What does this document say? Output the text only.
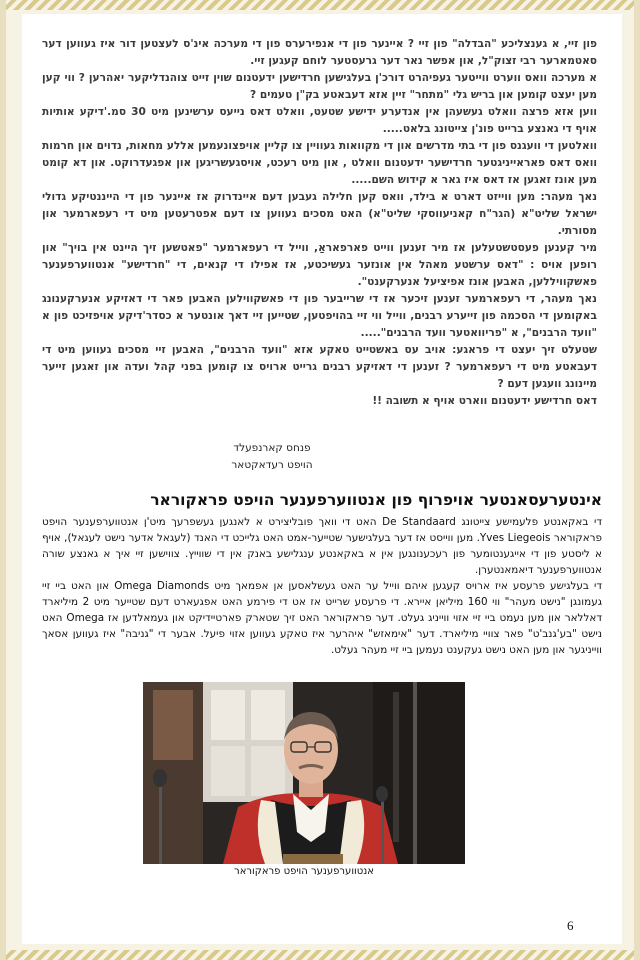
פון זיי, א גענצליכע "הבדלה" פון זיי ? איינער פון די אנפירערס פון די מערכה אינ'ס לעצטען דור איז געווען דער סאטמארער רבי זצוק"ל, און אפשר נאר דער גרעסטער לוחם קעגען זיי.

א מערכה וואס ווערט ווייטער געפיהרט דורכ'ן בעלגישען חרדישען ידעטנום שוין זייט צוהנדליקער יאהרען ? ווי קען מען יעצט קומען און בריש גלי "מתחר" זיין אזא דעבאטע בק"ן טעמים ?

ווען אזא פרצה וואלט געשעהן אין אנדערע ידישע שטעט, וואלט דאס נייעס ערשינען מיט 30 סמ.'דיקע אותיות אויף די גאנצע ברייט פונ'ן צייטונג בלאט.....

וואלטען די וועגנס פון די בתי מדרשים און די מקוואות געוויין צו קליין אויפצונעמען אללע מחאות, נדוים און חרמות וואס דאס פאראייניגטער חרדישער ידעטנום וואלט , און מיט רעכט, אויסגעשריגען און אפגעדרוקט. און דא קומט מען אונז זאגען אז דאס איז גאר א קידוש השם.....

נאך מעהר: מען ווייזט דארט א בילד, וואס קען חלילה געבען דעם איינדרוק אז איינער פון די הייננטיקע גדולי ישראל שליט"א (הגר"ח קאניעווסקי שליט"א) האט מסכים געווען צו דעם אפטרעטען מיט די רעפארמער און מסורתי.

מיר קענען פעסטשטעלען אז מיר זענען ווייט פארפאראַ, ווייל די רעפארמער "פאטשען זיך היינט אין בויך" און רופען אויס : "דאס ערשטע מאהל אין אונזער געשיכטע, אז אפילו די קנאים, די "חרדישע" אנטווערפענער פאשקוויללען, האבען אונז אפיציעל אנערקענט".

נאך מעהר, די רעפארמער זענען זיכער אז די שרייבער פון די פאשקווילען האבען פאר די דאזיקע אנערקענונג באקומען די הסכמה פון זייערע רבנים, ווייל ווי זיי בהויפטען, שטייען זיי דאך אונטער א כסדר'דיקע אויפזיכט פון א "וועד הרבנים", א "פריוואטער וועד הרבנים".....

שטעלט זיך יעצט די פראגע: אויב עס באשטייט טאקע אזא "וועד הרבנים", האבען זיי מסכים געווען מיט די דעבאטע מיט די רעפארמער ? זענען די דאזיקע רבנים גרייט ארויס צו קומען בפני קהל ועדה און זאגען זייער מיינונג וועגען דעם ?

דאס חרדישע ידעטנום ווארט אויף א תשובה !!

פנחס קארנפעלד
הויפט רעדאקטאר
אינטערעסאנטער אויפרוף פון אנטווערפענער הויפט פראקוראר

די באקאנטע פלעמישע צייטונג De Standaard האט די וואך פובליצירט א לאנגען געשפרעך מיט'ן אנטווערפענער הויפט פראקוראר Yves Liegeois. מען ווייסט אז דער בעלגישער שטייער-אמט האט גלייכט די האנד (לעגאל אדער נישט לעגאל), אויף א ליסטע פון די אייגענטומער פון רעכענונגען אין א באקאנטע ענגלישע באנק אין די שווייץ. צווישען זיי איך א גאנצע שורה אנטווערפענער דיאמאנטערן.

די בעלגישע פרעסע איז ארויס קעגען איהם ווייל ער האט געשלאסען אן אפמאך מיט Omega Diamonds און האט ביי זיי געמונגן "נישט מעהר" ווי 160 מיליאן איירא. די פרעסע שרייט אז אט די פירמע האט אפגעארט דעם שטייער מיט 2 מיליארד דאללאר און מען נעמט ביי זיי אזוי ווייניג געלט. דער פראקוראר האט זיך שטארק פארטיידיקט און געמאלדען אז Omega האט נישט "בע'גנב'ט" פאר צוויי מיליארד. דער "אימאזש" איהרער איז טאקע געווען אזוי פיעל. אבער די "גניבה" איז געווען אסאך ווייניגער און מען האט נישט געקענט נעמען ביי זיי מעהר געלט.

אנטווערפענער הויפט פראקוראר
6
